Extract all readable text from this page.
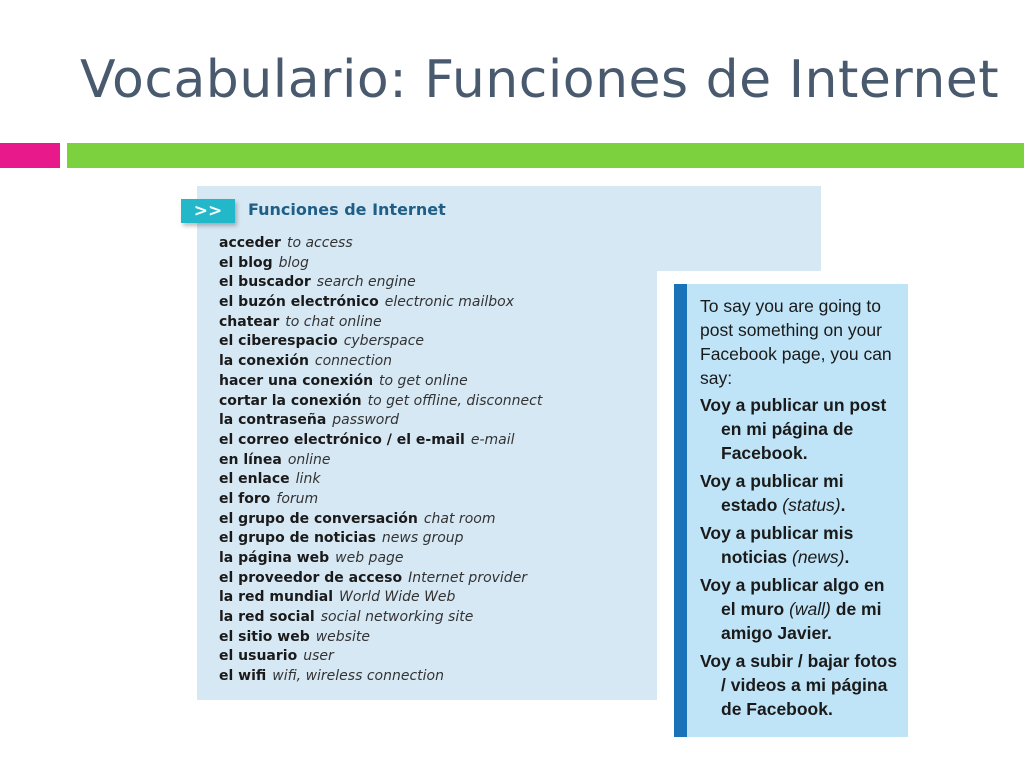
Vocabulario: Funciones de Internet
>>	Funciones de Internet
acceder to access
el blog blog
el buscador search engine
el buzón electrónico electronic mailbox
chatear to chat online
el ciberespacio cyberspace
la conexión connection
hacer una conexión to get online
cortar la conexión to get offline, disconnect
la contraseña password
el correo electrónico / el e-mail e-mail
en línea online
el enlace link
el foro forum
el grupo de conversación chat room
el grupo de noticias news group
la página web web page
el proveedor de acceso Internet provider
la red mundial World Wide Web
la red social social networking site
el sitio web website
el usuario user
el wifi wifi, wireless connection

To say you are going to post something on your Facebook page, you can say:

Voy a publicar un post en mi página de Facebook.

Voy a publicar mi estado (status).

Voy a publicar mis noticias (news).

Voy a publicar algo en el muro (wall) de mi amigo Javier.

Voy a subir / bajar fotos / videos a mi página de Facebook.
